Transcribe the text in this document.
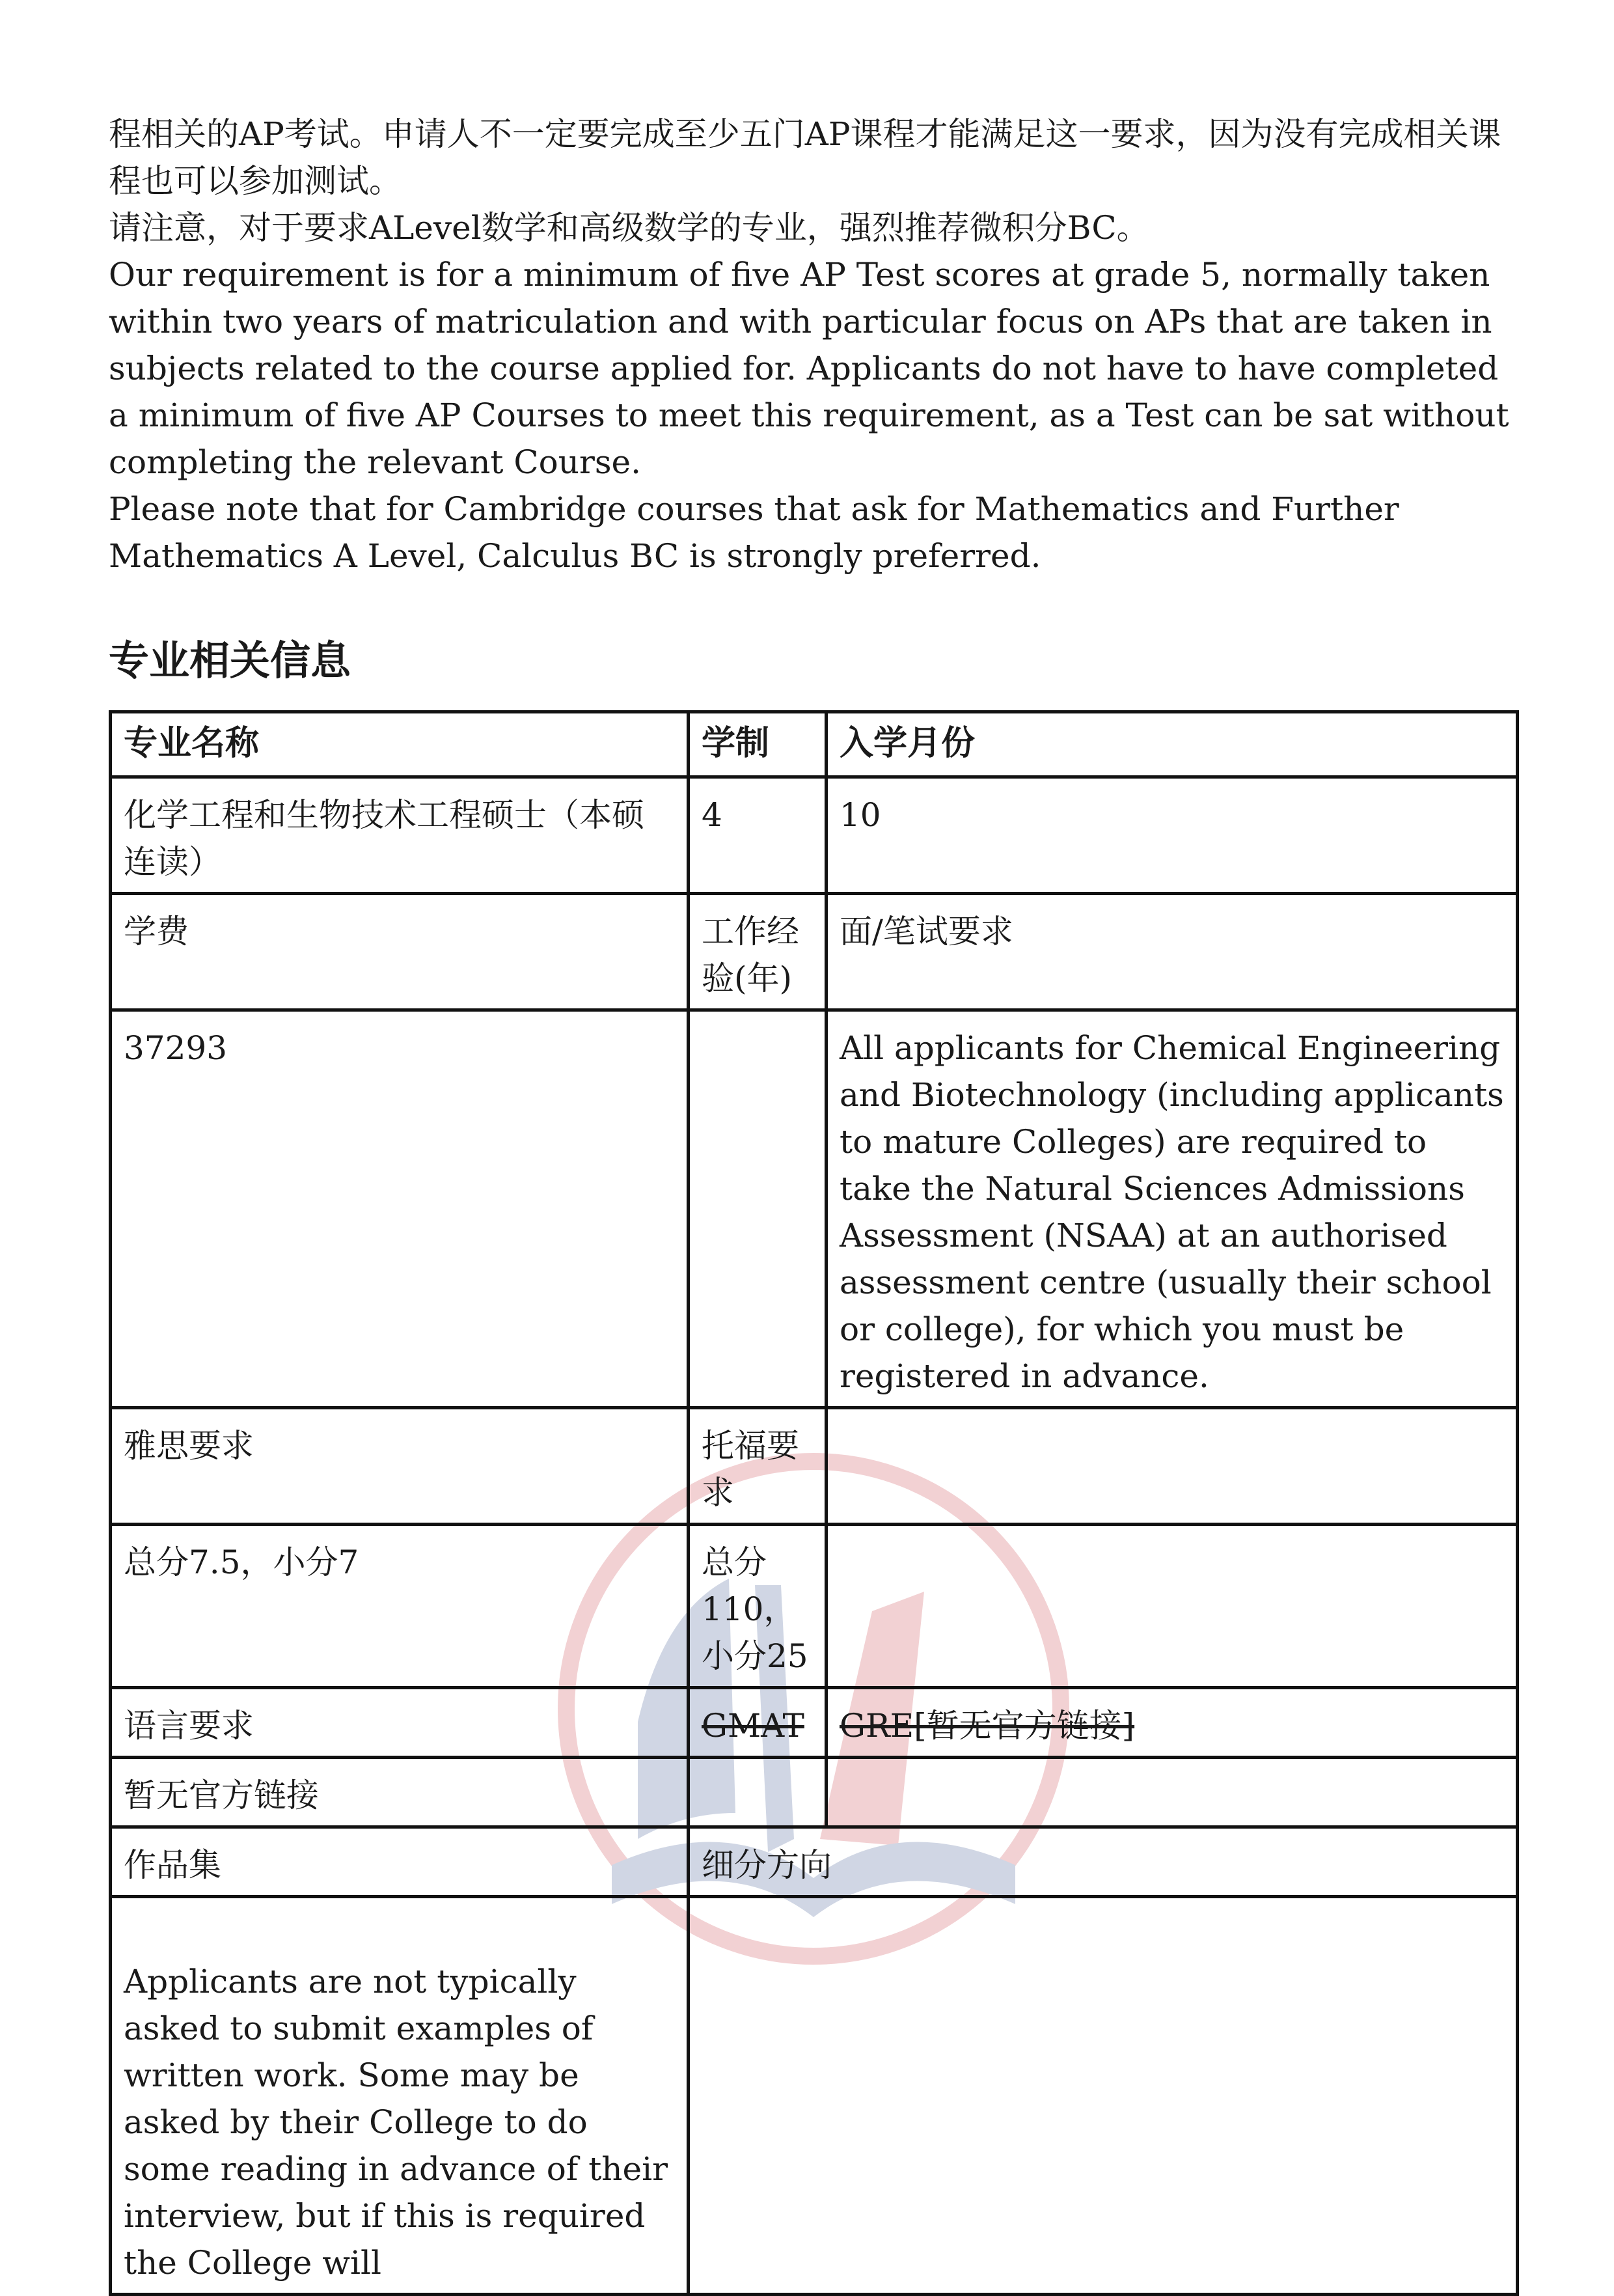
程相关的AP考试。申请人不一定要完成至少五门AP课程才能满足这一要求，因为没有完成相关课程也可以参加测试。

请注意，对于要求ALevel数学和高级数学的专业，强烈推荐微积分BC。

Our requirement is for a minimum of five AP Test scores at grade 5, normally taken within two years of matriculation and with particular focus on APs that are taken in subjects related to the course applied for. Applicants do not have to have completed a minimum of five AP Courses to meet this requirement, as a Test can be sat without completing the relevant Course.

Please note that for Cambridge courses that ask for Mathematics and Further Mathematics A Level, Calculus BC is strongly preferred.

专业相关信息
专业名称	学制	入学月份
化学工程和生物技术工程硕士（本硕连读）	4	10
学费	工作经验(年)	面/笔试要求
37293		All applicants for Chemical Engineering and Biotechnology (including applicants to mature Colleges) are required to take the Natural Sciences Admissions Assessment (NSAA) at an authorised assessment centre (usually their school or college), for which you must be registered in advance.
雅思要求	托福要求	
总分7.5，小分7	总分110，小分25	
语言要求	GMAT	GRE[暂无官方链接]
暂无官方链接		
作品集	细分方向	

Applicants are not typically asked to submit examples of written work. Some may be asked by their College to do some reading in advance of their interview, but if this is required the College will		
